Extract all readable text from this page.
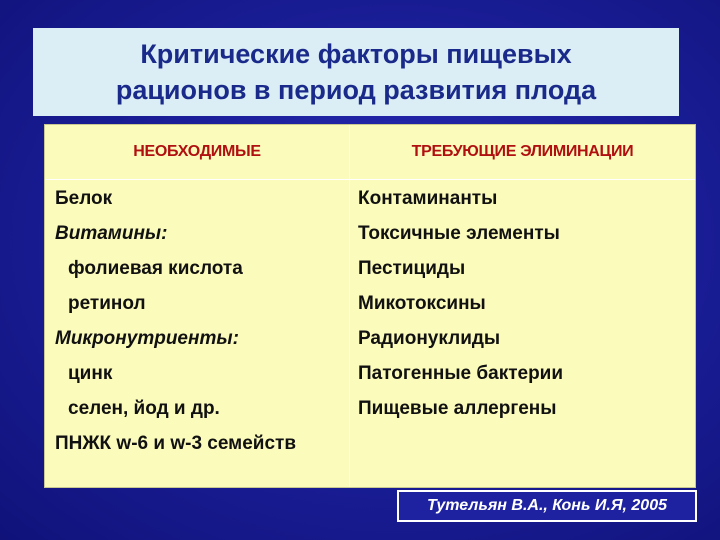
Критические факторы пищевых
рационов в период развития плода
НЕОБХОДИМЫЕ	ТРЕБУЮЩИЕ ЭЛИМИНАЦИИ
Белок
Витамины:
фолиевая кислота
ретинол
Микронутриенты:
цинк
селен, йод и др.
ПНЖК w-6 и w-3 семейств
Контаминанты
Токсичные элементы
Пестициды
Микотоксины
Радионуклиды
Патогенные бактерии
Пищевые аллергены
Тутельян В.А., Конь И.Я, 2005
